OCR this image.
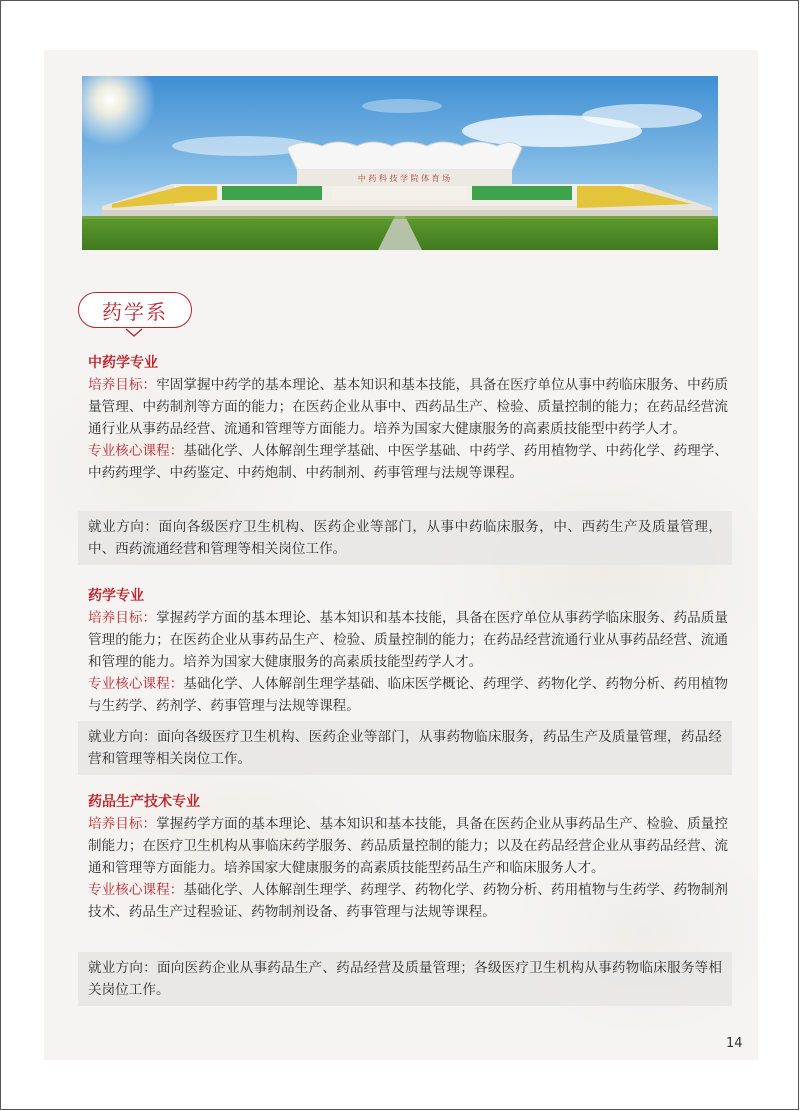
中 药 科 技 学 院 体 育 场
药学系
中药学专业
培养目标：牢固掌握中药学的基本理论、基本知识和基本技能，具备在医疗单位从事中药临床服务、中药质量管理、中药制剂等方面的能力；在医药企业从事中、西药品生产、检验、质量控制的能力；在药品经营流通行业从事药品经营、流通和管理等方面能力。培养为国家大健康服务的高素质技能型中药学人才。
专业核心课程：基础化学、人体解剖生理学基础、中医学基础、中药学、药用植物学、中药化学、药理学、中药药理学、中药鉴定、中药炮制、中药制剂、药事管理与法规等课程。
就业方向：面向各级医疗卫生机构、医药企业等部门，从事中药临床服务，中、西药生产及质量管理，中、西药流通经营和管理等相关岗位工作。
药学专业
培养目标：掌握药学方面的基本理论、基本知识和基本技能，具备在医疗单位从事药学临床服务、药品质量管理的能力；在医药企业从事药品生产、检验、质量控制的能力；在药品经营流通行业从事药品经营、流通和管理的能力。培养为国家大健康服务的高素质技能型药学人才。
专业核心课程：基础化学、人体解剖生理学基础、临床医学概论、药理学、药物化学、药物分析、药用植物与生药学、药剂学、药事管理与法规等课程。
就业方向：面向各级医疗卫生机构、医药企业等部门，从事药物临床服务，药品生产及质量管理，药品经营和管理等相关岗位工作。
药品生产技术专业
培养目标：掌握药学方面的基本理论、基本知识和基本技能，具备在医药企业从事药品生产、检验、质量控制能力；在医疗卫生机构从事临床药学服务、药品质量控制的能力；以及在药品经营企业从事药品经营、流通和管理等方面能力。培养国家大健康服务的高素质技能型药品生产和临床服务人才。
专业核心课程：基础化学、人体解剖生理学、药理学、药物化学、药物分析、药用植物与生药学、药物制剂技术、药品生产过程验证、药物制剂设备、药事管理与法规等课程。
就业方向：面向医药企业从事药品生产、药品经营及质量管理；各级医疗卫生机构从事药物临床服务等相关岗位工作。
14
